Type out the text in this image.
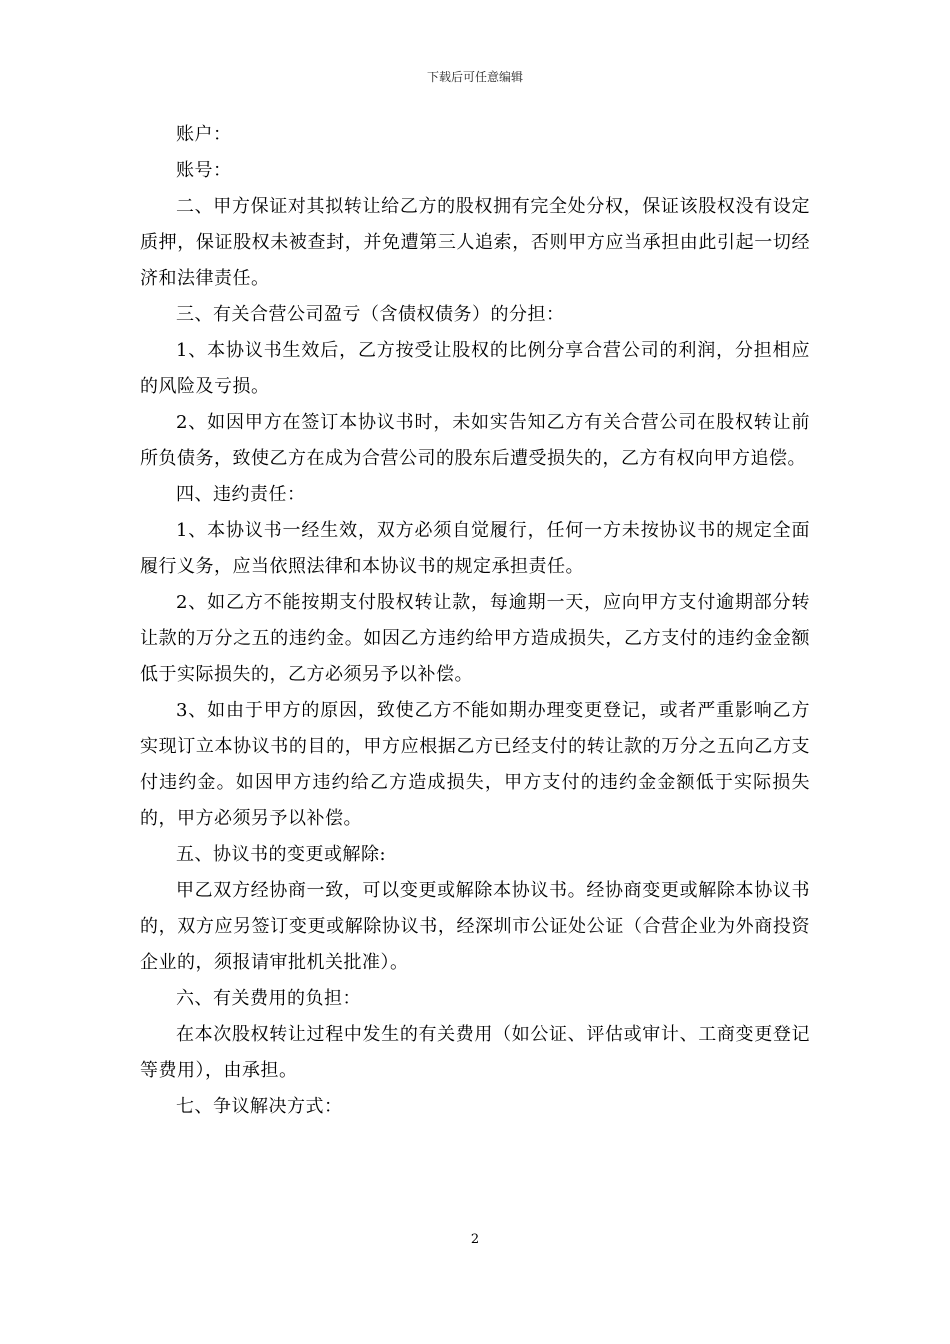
下载后可任意编辑

账户：

账号：

二、甲方保证对其拟转让给乙方的股权拥有完全处分权，保证该股权没有设定质押，保证股权未被查封，并免遭第三人追索，否则甲方应当承担由此引起一切经济和法律责任。

三、有关合营公司盈亏（含债权债务）的分担：

1、本协议书生效后，乙方按受让股权的比例分享合营公司的利润，分担相应的风险及亏损。

2、如因甲方在签订本协议书时，未如实告知乙方有关合营公司在股权转让前所负债务，致使乙方在成为合营公司的股东后遭受损失的，乙方有权向甲方追偿。

四、违约责任：

1、本协议书一经生效，双方必须自觉履行，任何一方未按协议书的规定全面履行义务，应当依照法律和本协议书的规定承担责任。

2、如乙方不能按期支付股权转让款，每逾期一天，应向甲方支付逾期部分转让款的万分之五的违约金。如因乙方违约给甲方造成损失，乙方支付的违约金金额低于实际损失的，乙方必须另予以补偿。

3、如由于甲方的原因，致使乙方不能如期办理变更登记，或者严重影响乙方实现订立本协议书的目的，甲方应根据乙方已经支付的转让款的万分之五向乙方支付违约金。如因甲方违约给乙方造成损失，甲方支付的违约金金额低于实际损失的，甲方必须另予以补偿。

五、协议书的变更或解除:

甲乙双方经协商一致，可以变更或解除本协议书。经协商变更或解除本协议书的，双方应另签订变更或解除协议书，经深圳市公证处公证（合营企业为外商投资企业的，须报请审批机关批准）。

六、有关费用的负担：

在本次股权转让过程中发生的有关费用（如公证、评估或审计、工商变更登记等费用），由承担。

七、争议解决方式：

2
